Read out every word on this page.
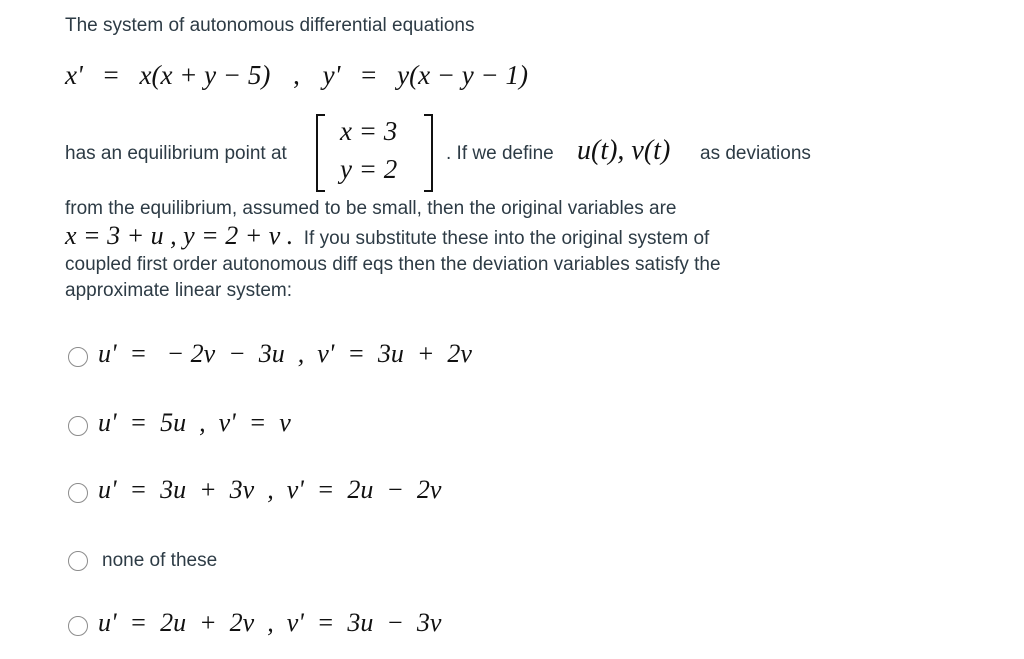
The system of autonomous differential equations
x' = x(x + y − 5) , y' = y(x − y − 1)
has an equilibrium point at
x = 3
y = 2
. If we define u(t), v(t) as deviations
from the equilibrium, assumed to be small, then the original variables are
x = 3 + u , y = 2 + v . If you substitute these into the original system of
coupled first order autonomous diff eqs then the deviation variables satisfy the
approximate linear system:
u'  =   − 2v  −  3u  ,  v'  =  3u  +  2v
u'  =  5u  ,  v'  =  v
u'  =  3u  +  3v  ,  v'  =  2u  −  2v
none of these
u'  =  2u  +  2v  ,  v'  =  3u  −  3v
